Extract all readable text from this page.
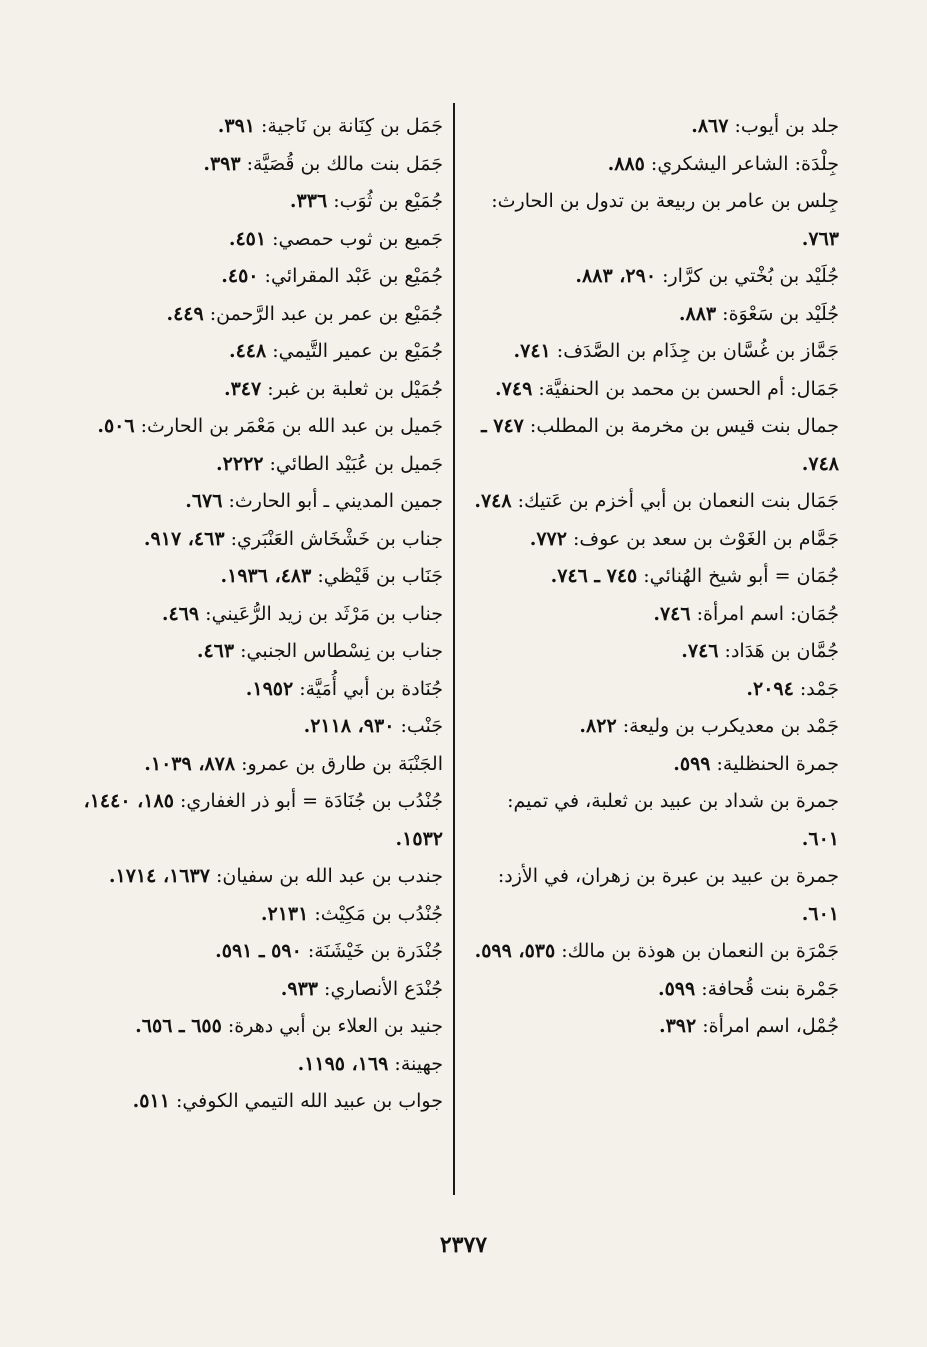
جلد بن أيوب: ٨٦٧.

جِلْدَة: الشاعر اليشكري: ٨٨٥.

جِلس بن عامر بن ربيعة بن تدول بن الحارث: ٧٦٣.

جُلَيْد بن بُخْتي بن كرَّار: ٢٩٠، ٨٨٣.

جُلَيْد بن سَعْوَة: ٨٨٣.

جَمَّاز بن غُسَّان بن جِذَام بن الصَّدَف: ٧٤١.

جَمَال: أم الحسن بن محمد بن الحنفيَّة: ٧٤٩.

جمال بنت قيس بن مخرمة بن المطلب: ٧٤٧ ـ ٧٤٨.

جَمَال بنت النعمان بن أبي أخزم بن عَتيك: ٧٤٨.

جَمَّام بن الغَوْث بن سعد بن عوف: ٧٧٢.

جُمَان = أبو شيخ الهُنائي: ٧٤٥ ـ ٧٤٦.

جُمَان: اسم امرأة: ٧٤٦.

جُمَّان بن هَدَاد: ٧٤٦.

جَمْد: ٢٠٩٤.

جَمْد بن معديكرب بن وليعة: ٨٢٢.

جمرة الحنظلية: ٥٩٩.

جمرة بن شداد بن عبيد بن ثعلبة، في تميم: ٦٠١.

جمرة بن عبيد بن عبرة بن زهران، في الأزد: ٦٠١.

جَمْرَة بن النعمان بن هوذة بن مالك: ٥٣٥، ٥٩٩.

جَمْرة بنت قُحافة: ٥٩٩.

جُمْل، اسم امرأة: ٣٩٢.

جَمَل بن كِنَانة بن نَاجية: ٣٩١.

جَمَل بنت مالك بن قُصَيَّة: ٣٩٣.

جُمَيْع بن ثُوَب: ٣٣٦.

جَميع بن ثوب حمصي: ٤٥١.

جُمَيْع بن عَبْد المقرائي: ٤٥٠.

جُمَيْع بن عمر بن عبد الرَّحمن: ٤٤٩.

جُمَيْع بن عمير التَّيمي: ٤٤٨.

جُمَيْل بن ثعلبة بن غبر: ٣٤٧.

جَميل بن عبد الله بن مَعْمَر بن الحارث: ٥٠٦.

جَميل بن عُبَيْد الطائي: ٢٢٢٢.

جمين المديني ـ أبو الحارث: ٦٧٦.

جناب بن خَشْخَاش العَنْبَري: ٤٦٣، ٩١٧.

جَنَاب بن قَيْظي: ٤٨٣، ١٩٣٦.

جناب بن مَرْثَد بن زيد الرُّعَيني: ٤٦٩.

جناب بن نِسْطاس الجنبي: ٤٦٣.

جُنَادة بن أبي أُمَيَّة: ١٩٥٢.

جَنْب: ٩٣٠، ٢١١٨.

الجَنْبَة بن طارق بن عمرو: ٨٧٨، ١٠٣٩.

جُنْدُب بن جُنَادَة = أبو ذر الغفاري: ١٨٥، ١٤٤٠، ١٥٣٢.

جندب بن عبد الله بن سفيان: ١٦٣٧، ١٧١٤.

جُنْدُب بن مَكِيْث: ٢١٣١.

جُنْدَرة بن خَيْشَنَة: ٥٩٠ ـ ٥٩١.

جُنْدَع الأنصاري: ٩٣٣.

جنيد بن العلاء بن أبي دهرة: ٦٥٥ ـ ٦٥٦.

جهينة: ١٦٩، ١١٩٥.

جواب بن عبيد الله التيمي الكوفي: ٥١١.

٢٣٧٧
